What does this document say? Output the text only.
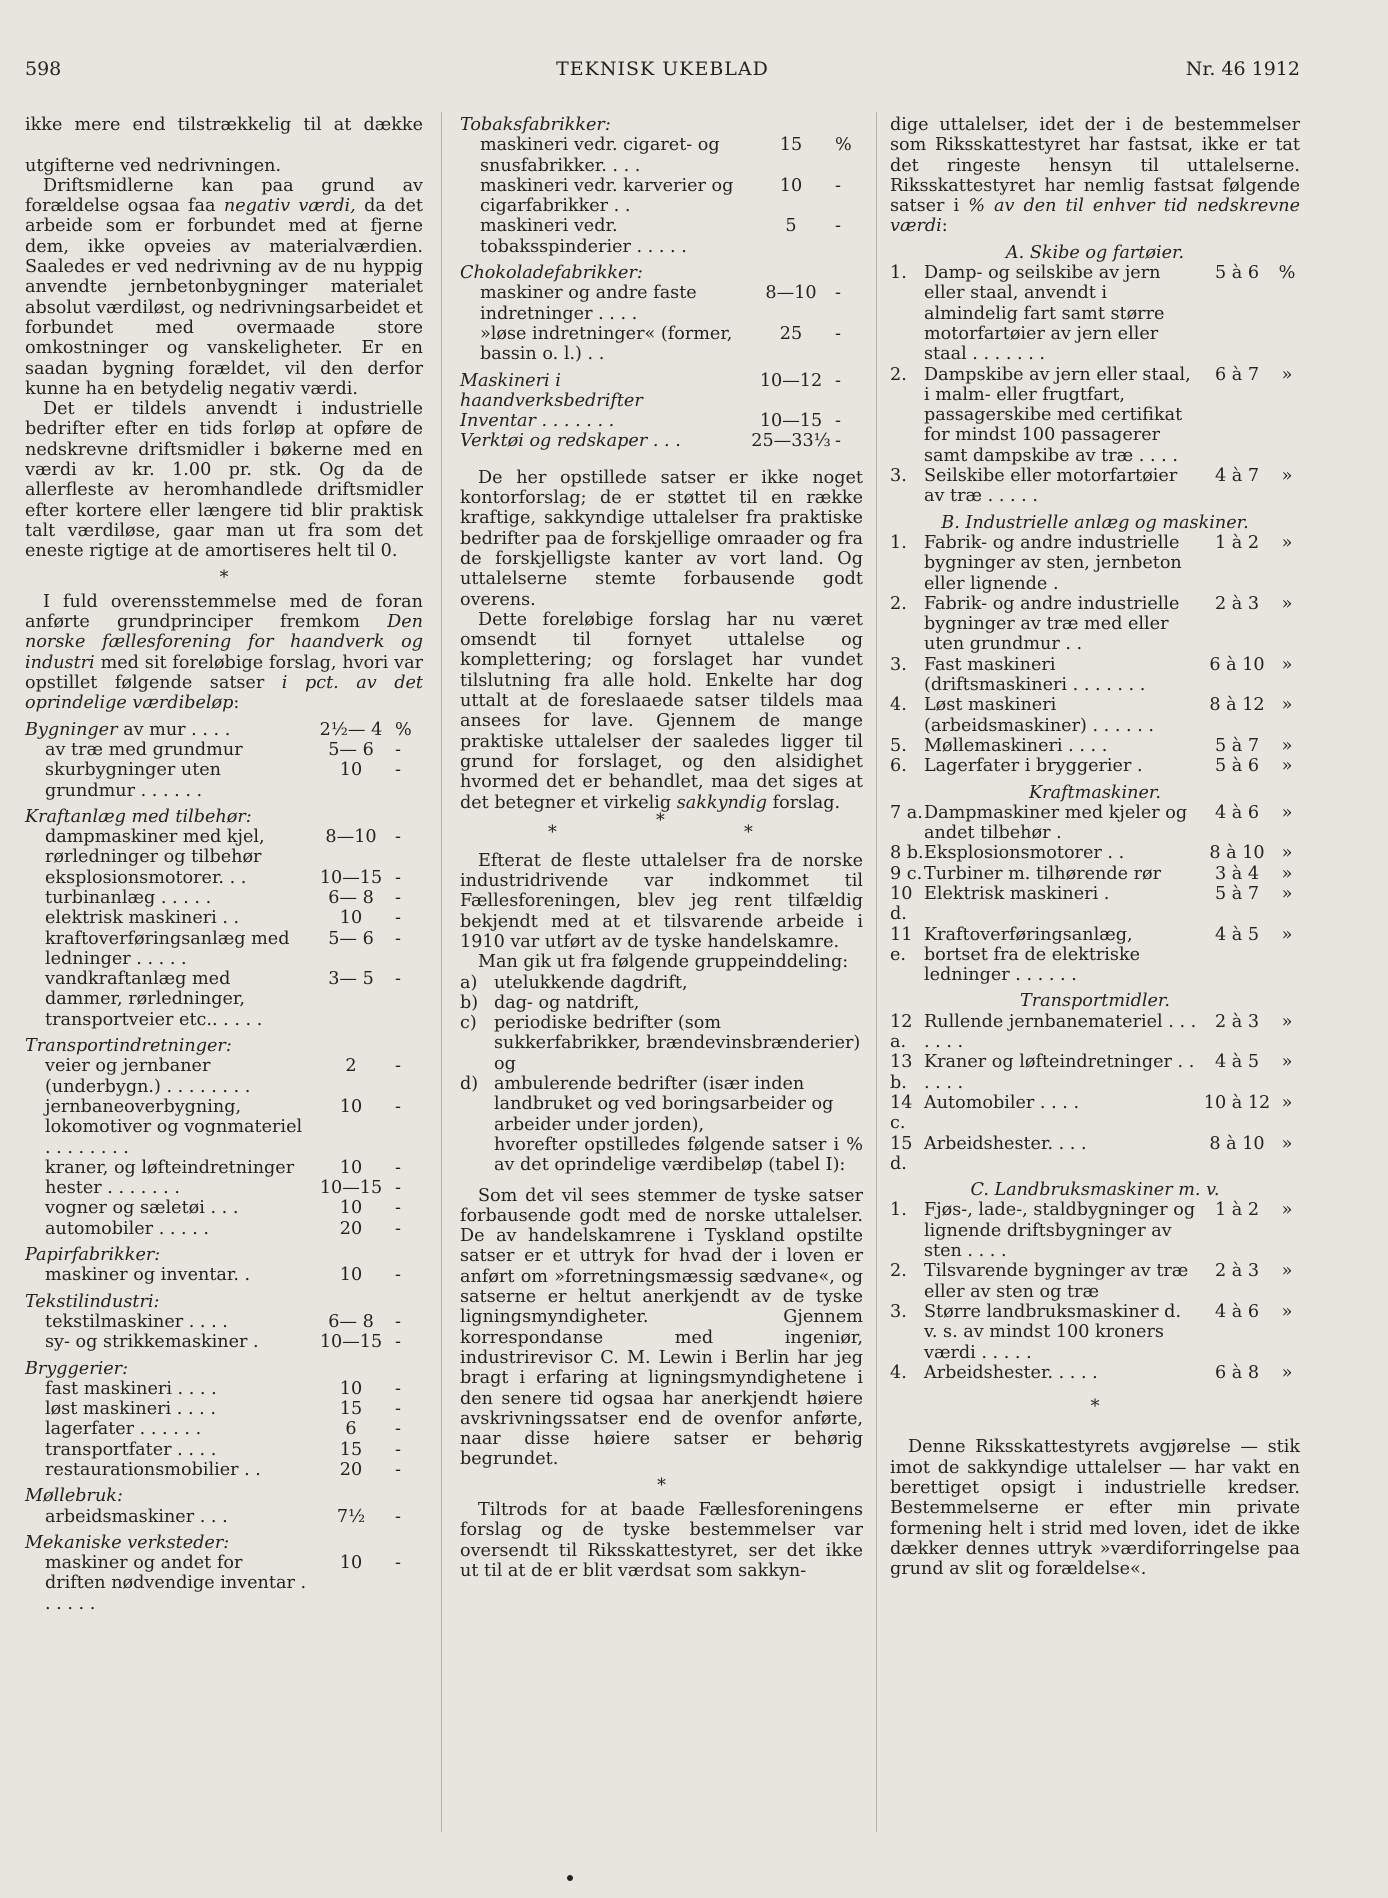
598	TEKNISK UKEBLAD	Nr. 46 1912
ikke mere end tilstrækkelig til at dække
utgifterne ved nedrivningen.

Driftsmidlerne kan paa grund av forældelse ogsaa faa negativ værdi, da det arbeide som er forbundet med at fjerne dem, ikke opveies av materialværdien. Saaledes er ved nedrivning av de nu hyppig anvendte jernbetonbygninger materialet absolut værdiløst, og nedrivningsarbeidet et forbundet med overmaade store omkostninger og vanskeligheter. Er en saadan bygning forældet, vil den derfor kunne ha en betydelig negativ værdi.

Det er tildels anvendt i industrielle bedrifter efter en tids forløp at opføre de nedskrevne driftsmidler i bøkerne med en værdi av kr. 1.00 pr. stk. Og da de allerfleste av heromhandlede driftsmidler efter kortere eller længere tid blir praktisk talt værdiløse, gaar man ut fra som det eneste rigtige at de amortiseres helt til 0.

*

I fuld overensstemmelse med de foran anførte grundprinciper fremkom Den norske fællesforening for haandverk og industri med sit foreløbige forslag, hvori var opstillet følgende satser i pct. av det oprindelige værdibeløp:

Bygninger av mur . . . .	2½— 4 %
av træ med grundmur	5— 6	-
skurbygninger uten grundmur . . . . . .
10	-
Kraftanlæg med tilbehør:
dampmaskiner med kjel, rørledninger og tilbehør
8—10	-
eksplosionsmotorer. . .	10—15 -
turbinanlæg . . . . .	6— 8	-
elektrisk maskineri . .	10	-
kraftoverføringsanlæg med ledninger . . . . .
5— 6	-
vandkraftanlæg med dammer, rørledninger, transportveier etc.. . . . .
3— 5	-
Transportindretninger:
veier og jernbaner (underbygn.) . . . . . . . .
2	-
jernbaneoverbygning, lokomotiver og vognmateriel . . . . . . . .
10	-
kraner, og løfteindretninger	10	-
hester . . . . . . .	10—15 -
vogner og sæletøi . . .	10	-
automobiler . . . . .	20	-
Papirfabrikker:
maskiner og inventar. .	10	-
Tekstilindustri:
tekstilmaskiner . . . .	6— 8	-
sy- og strikkemaskiner .	10—15 -
Bryggerier:
fast maskineri . . . .	10	-
løst maskineri . . . .	15	-
lagerfater . . . . . .	6	-
transportfater . . . .	15	-
restaurationsmobilier . .	20	-
Møllebruk:
arbeidsmaskiner . . .	7½	-
Mekaniske verksteder:
maskiner og andet for driften nødvendige inventar . . . . . .
10	-
Tobaksfabrikker:
maskineri vedr. cigaret- og snusfabrikker. . . .
15	%
maskineri vedr. karverier og cigarfabrikker . .
10	-
maskineri vedr. tobaksspinderier . . . . .
5	-
Chokoladefabrikker:
maskiner og andre faste indretninger . . . .
8—10	-
»løse indretninger« (former, bassin o. l.) . .
25	-
Maskineri i haandverksbedrifter
10—12 -
Inventar . . . . . . .	10—15 -
Verktøi og redskaper . . .	25—33⅓ -

De her opstillede satser er ikke noget kontorforslag; de er støttet til en række kraftige, sakkyndige uttalelser fra praktiske bedrifter paa de forskjellige omraader og fra de forskjelligste kanter av vort land. Og uttalelserne stemte forbausende godt overens.

Dette foreløbige forslag har nu været omsendt til fornyet uttalelse og komplettering; og forslaget har vundet tilslutning fra alle hold. Enkelte har dog uttalt at de foreslaaede satser tildels maa ansees for lave. Gjennem de mange praktiske uttalelser der saaledes ligger til grund for forslaget, og den alsidighet hvormed det er behandlet, maa det siges at det betegner et virkelig sakkyndig forslag.

*
*
*

Efterat de fleste uttalelser fra de norske industridrivende var indkommet til Fællesforeningen, blev jeg rent tilfældig bekjendt med at et tilsvarende arbeide i 1910 var utført av de tyske handelskamre.

Man gik ut fra følgende gruppeinddeling:

a) utelukkende dagdrift,
b) dag- og natdrift,
c) periodiske bedrifter (som sukkerfabrikker, brændevinsbrænderier) og
d) ambulerende bedrifter (især inden landbruket og ved boringsarbeider og arbeider under jorden),

hvorefter opstilledes følgende satser i % av det oprindelige værdibeløp (tabel I):

Som det vil sees stemmer de tyske satser forbausende godt med de norske uttalelser. De av handelskamrene i Tyskland opstilte satser er et uttryk for hvad der i loven er anført om »forretningsmæssig sædvane«, og satserne er heltut anerkjendt av de tyske ligningsmyndigheter. Gjennem korrespondanse med ingeniør, industrirevisor C. M. Lewin i Berlin har jeg bragt i erfaring at ligningsmyndighetene i den senere tid ogsaa har anerkjendt høiere avskrivningssatser end de ovenfor anførte, naar disse høiere satser er behørig begrundet.

*

Tiltrods for at baade Fællesforeningens forslag og de tyske bestemmelser var oversendt til Riksskattestyret, ser det ikke ut til at de er blit værdsat som sakkyn-

dige uttalelser, idet der i de bestemmelser som Riksskattestyret har fastsat, ikke er tat det ringeste hensyn til uttalelserne. Riksskattestyret har nemlig fastsat følgende satser i % av den til enhver tid nedskrevne værdi:

A. Skibe og fartøier.
1. Damp- og seilskibe av jern eller staal, anvendt i almindelig fart samt større motorfartøier av jern eller staal . . . . . . .
5 à 6	%
2. Dampskibe av jern eller staal, i malm- eller frugtfart, passagerskibe med certifikat for mindst 100 passagerer samt dampskibe av træ . . . .
6 à 7	»
3. Seilskibe eller motorfartøier av træ . . . . .
4 à 7	»
B. Industrielle anlæg og maskiner.
1. Fabrik- og andre industrielle bygninger av sten, jernbeton eller lignende .
1 à 2	»
2. Fabrik- og andre industrielle bygninger av træ med eller uten grundmur . .
2 à 3	»
3. Fast maskineri (driftsmaskineri . . . . . . .
6 à 10 »
4. Løst maskineri (arbeidsmaskiner) . . . . . .
8 à 12 »
5. Møllemaskineri . . . .	5 à 7	»
6. Lagerfater i bryggerier .	5 à 6	»
Kraftmaskiner.
7 a. Dampmaskiner med kjeler og andet tilbehør .
4 à 6	»
8 b. Eksplosionsmotorer . .	8 à 10 »
9 c. Turbiner m. tilhørende rør	3 à 4	»
10 d.
Elektrisk maskineri .	5 à 7	»
11 e.
Kraftoverføringsanlæg, bortset fra de elektriske ledninger . . . . . .
4 à 5	»
Transportmidler.
12 a.
Rullende jernbanemateriel . . . . . . .
2 à 3	»
13 b.
Kraner og løfteindretninger . . . . . .
4 à 5	»
14 c.
Automobiler . . . .	10 à 12 »
15 d.
Arbeidshester. . . .	8 à 10 »
C. Landbruksmaskiner m. v.
1. Fjøs-, lade-, staldbygninger og lignende driftsbygninger av sten . . . .
1 à 2	»
2. Tilsvarende bygninger av træ eller av sten og træ
2 à 3	»
3. Større landbruksmaskiner d. v. s. av mindst 100 kroners værdi . . . . .
4 à 6	»
4. Arbeidshester. . . . .	6 à 8	»
*

Denne Riksskattestyrets avgjørelse — stik imot de sakkyndige uttalelser — har vakt en berettiget opsigt i industrielle kredser. Bestemmelserne er efter min private formening helt i strid med loven, idet de ikke dækker dennes uttryk »værdiforringelse paa grund av slit og forældelse«.
